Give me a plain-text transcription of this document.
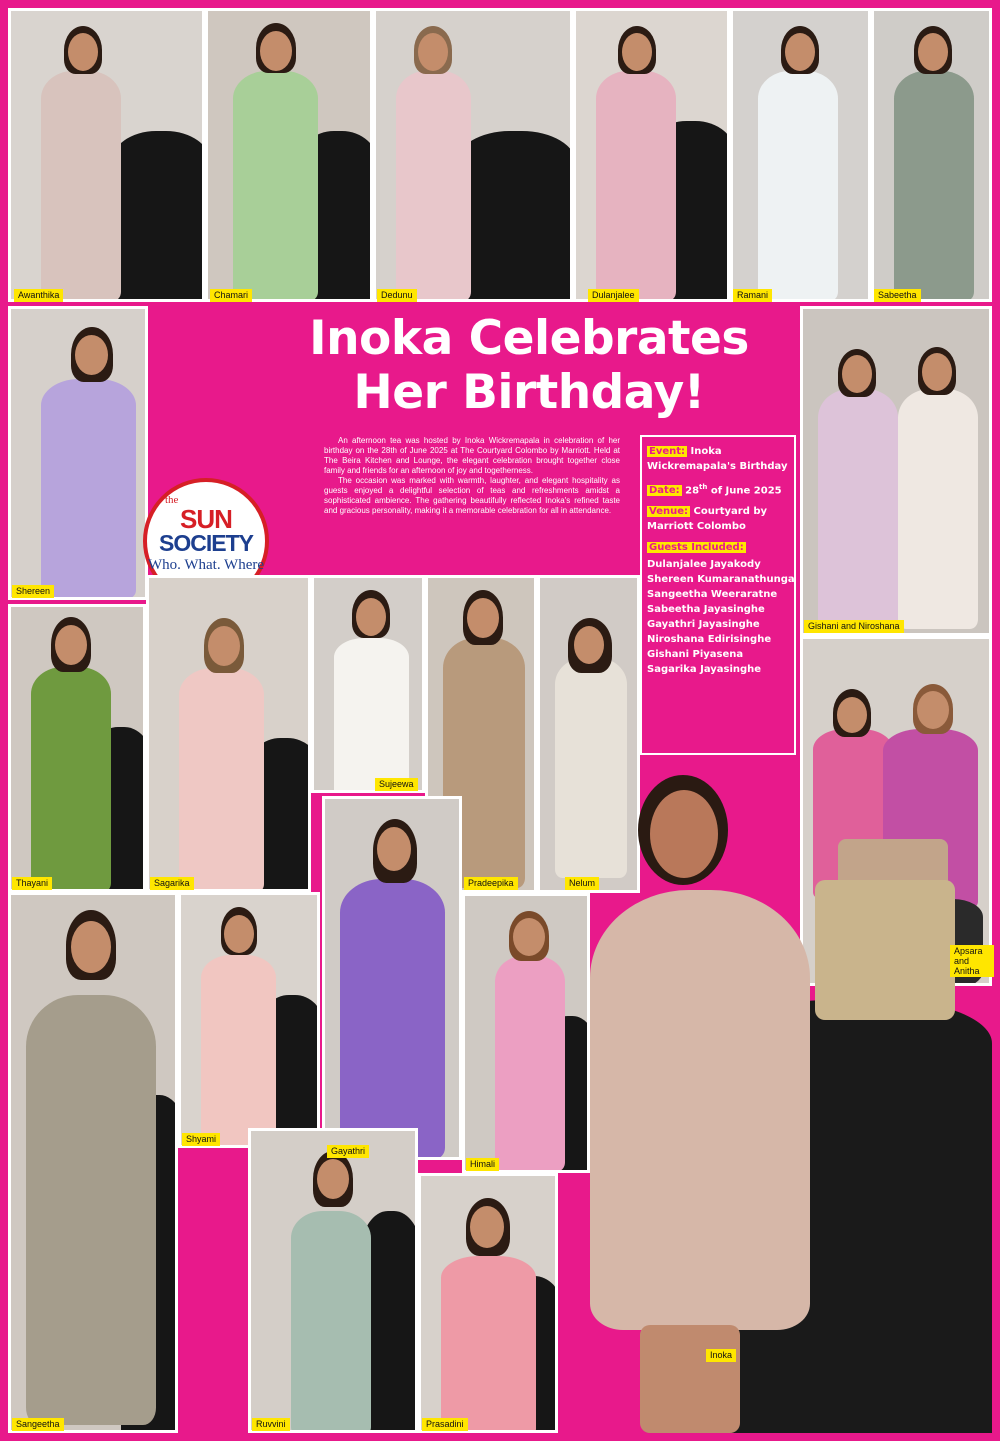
Inoka Celebrates
Her Birthday!

An afternoon tea was hosted by Inoka Wickremapala in celebration of her birthday on the 28th of June 2025 at The Courtyard Colombo by Marriott. Held at The Beira Kitchen and Lounge, the elegant celebration brought together close family and friends for an afternoon of joy and togetherness.

The occasion was marked with warmth, laughter, and elegant hospitality as guests enjoyed a delightful selection of teas and refreshments amidst a sophisticated ambience. The gathering beautifully reflected Inoka's refined taste and gracious personality, making it a memorable celebration for all in attendance.

the
SUN
SOCIETY
Who. What. Where
Event: Inoka Wickremapala's Birthday
Date: 28th of June 2025
Venue: Courtyard by Marriott Colombo
Guests Included:
Dulanjalee Jayakody
Shereen Kumaranathunga
Sangeetha Weeraratne
Sabeetha Jayasinghe
Gayathri Jayasinghe
Niroshana Edirisinghe
Gishani Piyasena
Sagarika Jayasinghe
Awanthika	Chamari	Dedunu	Dulanjalee	Ramani	Sabeetha
Shereen
Gishani and Niroshana
Thayani	Sagarika
Sujeewa
Pradeepika	Nelum
Apsara and Anitha
Sangeetha
Shyami
Gayathri
Himali
Inoka
Ruvvini	Prasadini
